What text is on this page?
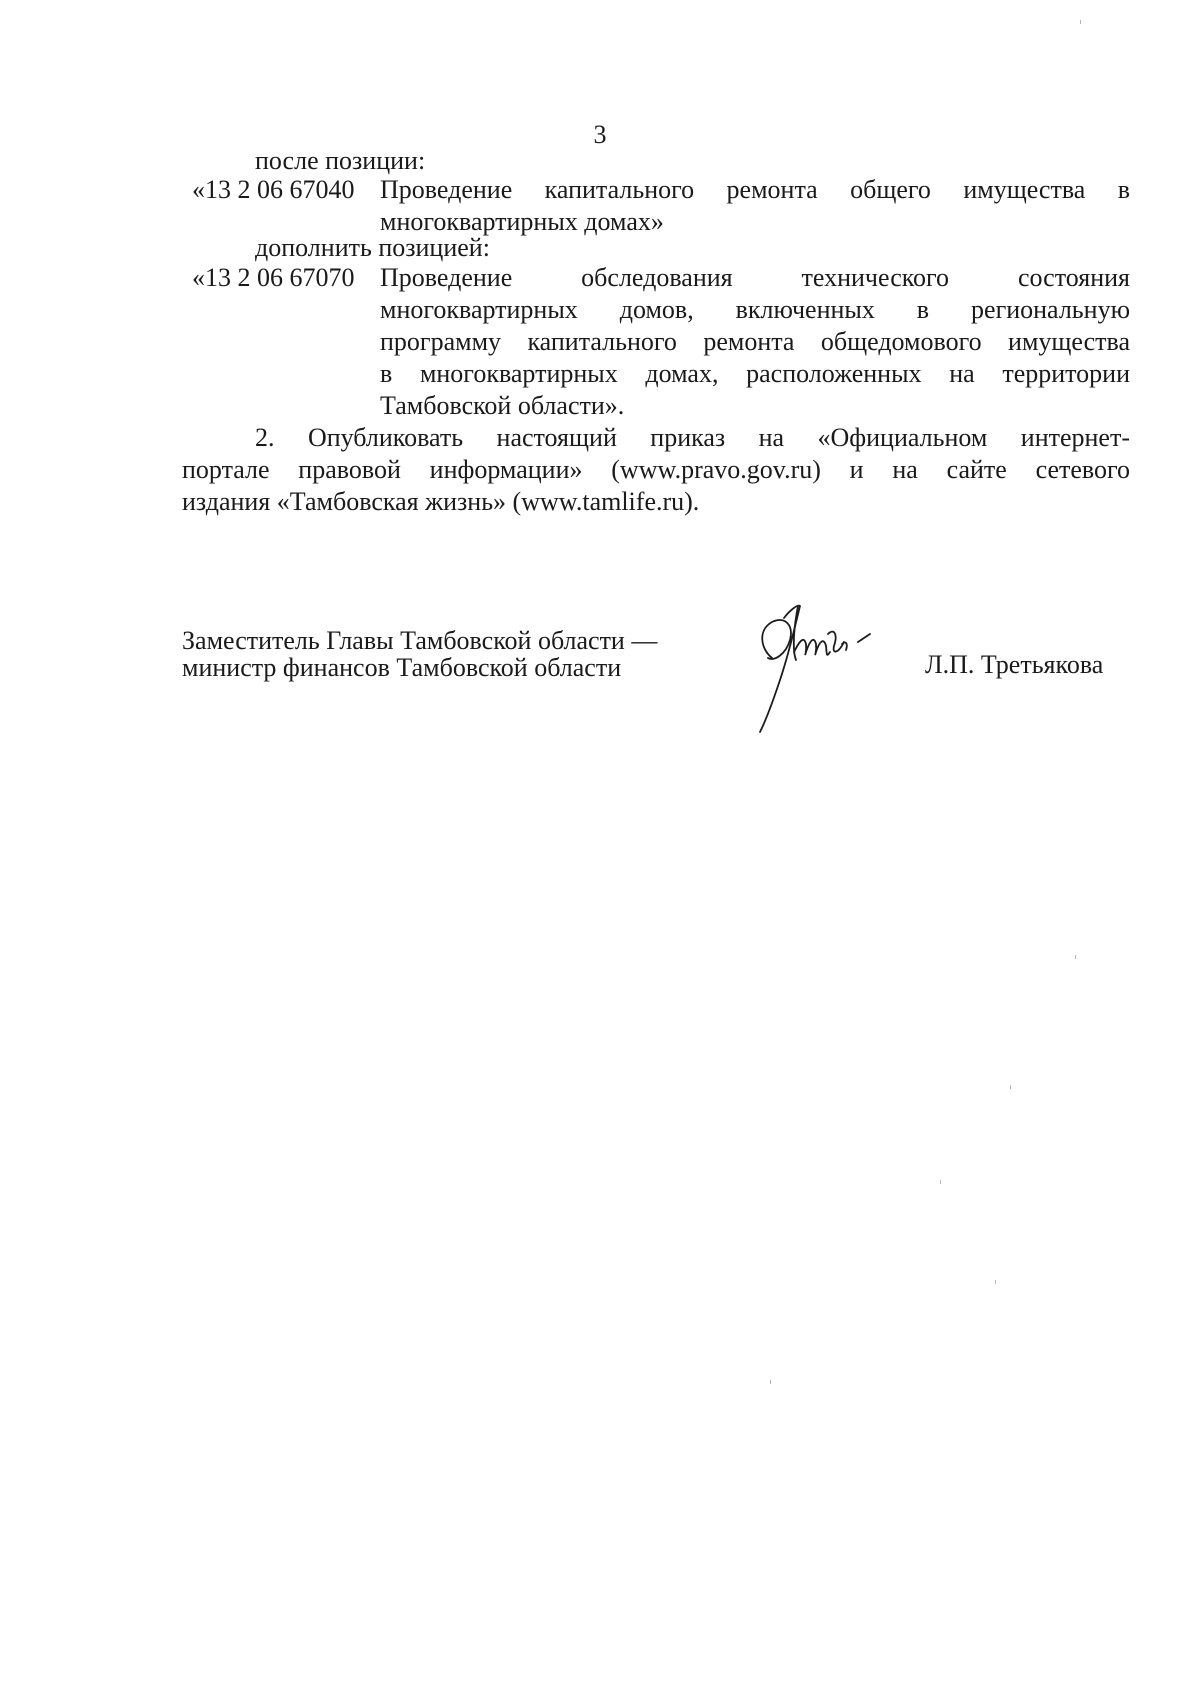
3
после позиции:
«13 2 06 67040 Проведение капитального ремонта общего имущества в
многоквартирных домах»
дополнить позицией:
«13 2 06 67070 Проведение обследования технического состояния
многоквартирных домов, включенных в региональную
программу капитального ремонта общедомового имущества
в многоквартирных домах, расположенных на территории
Тамбовской области».
2. Опубликовать настоящий приказ на «Официальном интернет-
портале правовой информации» (www.pravo.gov.ru) и на сайте сетевого
издания «Тамбовская жизнь» (www.tamlife.ru).
Заместитель Главы Тамбовской области —
министр финансов Тамбовской области	Л.П. Третьякова
